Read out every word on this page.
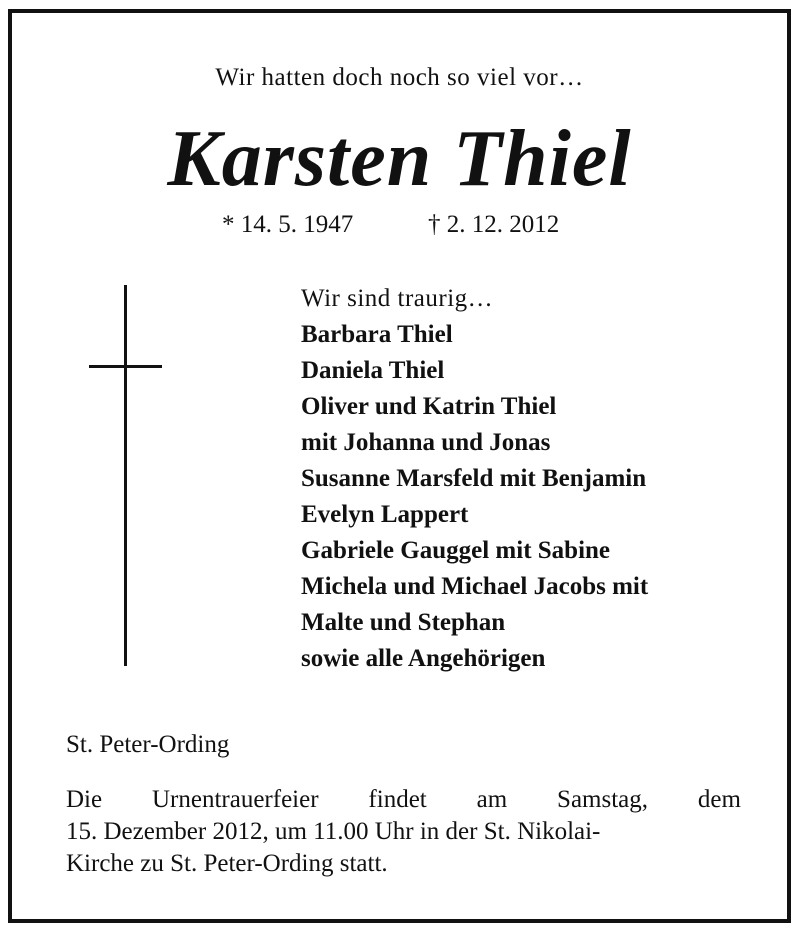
Wir hatten doch noch so viel vor…

Karsten Thiel

* 14. 5. 1947	† 2. 12. 2012

Wir sind traurig…
Barbara Thiel
Daniela Thiel
Oliver und Katrin Thiel
mit Johanna und Jonas
Susanne Marsfeld mit Benjamin
Evelyn Lappert
Gabriele Gauggel mit Sabine
Michela und Michael Jacobs mit
Malte und Stephan
sowie alle Angehörigen

St. Peter-Ording

Die Urnentrauerfeier findet am Samstag, dem
15. Dezember 2012, um 11.00 Uhr in der St. Nikolai-
Kirche zu St. Peter-Ording statt.
